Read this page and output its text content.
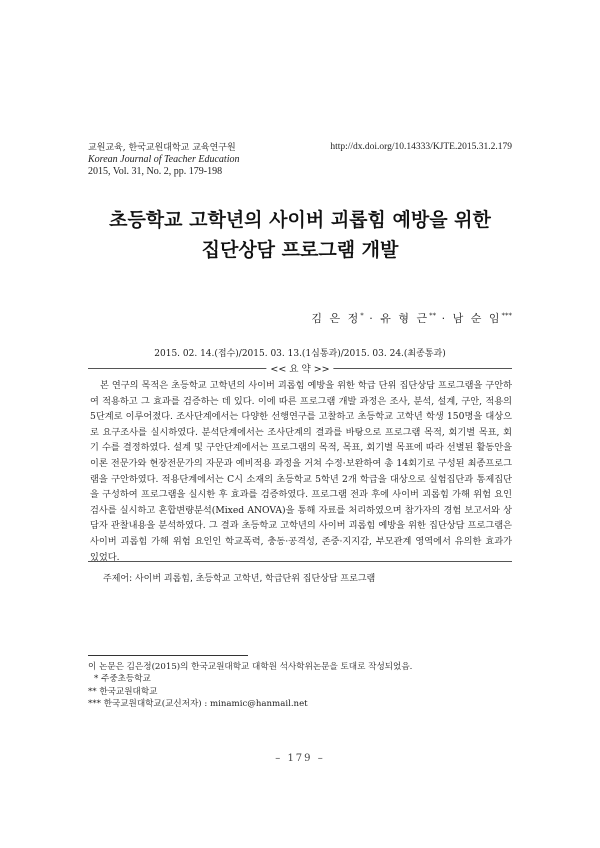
교원교육, 한국교원대학교 교육연구원
Korean Journal of Teacher Education
2015, Vol. 31, No. 2, pp. 179-198
http://dx.doi.org/10.14333/KJTE.2015.31.2.179
초등학교 고학년의 사이버 괴롭힘 예방을 위한
집단상담 프로그램 개발
김 은 정* · 유 형 근** · 남 순 임***
2015. 02. 14.(접수)/2015. 03. 13.(1심통과)/2015. 03. 24.(최종통과)
<< 요 약 >>

본 연구의 목적은 초등학교 고학년의 사이버 괴롭힘 예방을 위한 학급 단위 집단상담 프로그램을 구안하여 적용하고 그 효과를 검증하는 데 있다. 이에 따른 프로그램 개발 과정은 조사, 분석, 설계, 구안, 적용의 5단계로 이루어졌다. 조사단계에서는 다양한 선행연구를 고찰하고 초등학교 고학년 학생 150명을 대상으로 요구조사를 실시하였다. 분석단계에서는 조사단계의 결과를 바탕으로 프로그램 목적, 회기별 목표, 회기 수를 결정하였다. 설계 및 구안단계에서는 프로그램의 목적, 목표, 회기별 목표에 따라 선별된 활동안을 이론 전문가와 현장전문가의 자문과 예비적용 과정을 거쳐 수정·보완하여 총 14회기로 구성된 최종프로그램을 구안하였다. 적용단계에서는 C시 소재의 초등학교 5학년 2개 학급을 대상으로 실험집단과 통제집단을 구성하여 프로그램을 실시한 후 효과를 검증하였다. 프로그램 전과 후에 사이버 괴롭힘 가해 위험 요인 검사를 실시하고 혼합변량분석(Mixed ANOVA)을 통해 자료를 처리하였으며 참가자의 경험 보고서와 상담자 관찰내용을 분석하였다. 그 결과 초등학교 고학년의 사이버 괴롭힘 예방을 위한 집단상담 프로그램은 사이버 괴롭힘 가해 위험 요인인 학교폭력, 충동·공격성, 존중·지지감, 부모관계 영역에서 유의한 효과가 있었다.

주제어: 사이버 괴롭힘, 초등학교 고학년, 학급단위 집단상담 프로그램
이 논문은 김은정(2015)의 한국교원대학교 대학원 석사학위논문을 토대로 작성되었음.
* 주중초등학교
** 한국교원대학교
*** 한국교원대학교(교신저자) : minamic@hanmail.net
– 179 –
